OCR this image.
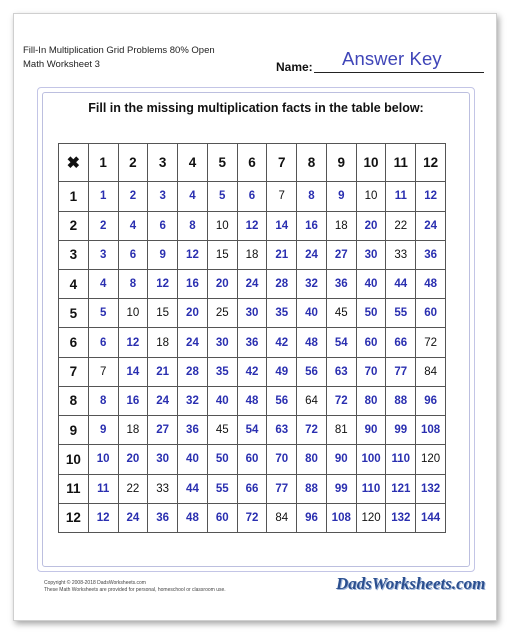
Fill-In Multiplication Grid Problems 80% Open
Math Worksheet 3	Name: Answer Key
Fill in the missing multiplication facts in the table below:
✖	1	2	3	4	5	6	7	8	9	10	11	12
1	1	2	3	4	5	6	7	8	9	10	11	12
2	2	4	6	8	10	12	14	16	18	20	22	24
3	3	6	9	12	15	18	21	24	27	30	33	36
4	4	8	12	16	20	24	28	32	36	40	44	48
5	5	10	15	20	25	30	35	40	45	50	55	60
6	6	12	18	24	30	36	42	48	54	60	66	72
7	7	14	21	28	35	42	49	56	63	70	77	84
8	8	16	24	32	40	48	56	64	72	80	88	96
9	9	18	27	36	45	54	63	72	81	90	99	108
10	10	20	30	40	50	60	70	80	90	100	110	120
11	11	22	33	44	55	66	77	88	99	110	121	132
12	12	24	36	48	60	72	84	96	108	120	132	144
Copyright © 2008-2018 DadsWorksheets.com
These Math Worksheets are provided for personal, homeschool or classroom use.	DadsWorksheets.com
